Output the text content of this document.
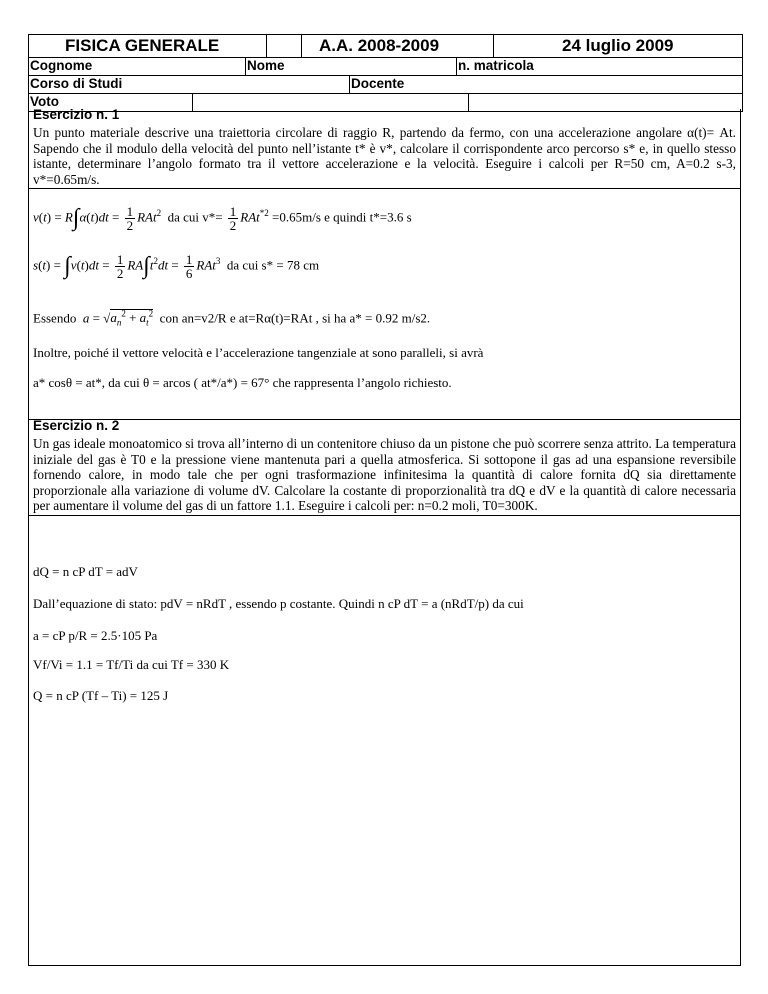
FISICA GENERALE	A.A. 2008-2009	24 luglio 2009
Cognome	Nome	n. matricola
Corso di Studi	Docente
Voto
Esercizio n. 1
Un punto materiale descrive una traiettoria circolare di raggio R, partendo da fermo, con una accelerazione angolare α(t)= At. Sapendo che il modulo della velocità del punto nell’istante t* è v*, calcolare il corrispondente arco percorso s* e, in quello stesso istante, determinare l’angolo formato tra il vettore accelerazione e la velocità. Eseguire i calcoli per R=50 cm, A=0.2 s-3, v*=0.65m/s.
$v(t) = R\int\alpha(t)dt = \frac{1}{2} RAt^2$ da cui $v*= \frac{1}{2} RAt^{*2} =0.65m/s$ e quindi t*=3.6 s
$s(t) = \int v(t)dt = \frac{1}{2} RA\int t^2dt = \frac{1}{6} RAt^3$ da cui s* = 78 cm
Essendo $a = √a_n^2 + a_t^2$ con an=v2/R e at=Rα(t)=RAt , si ha a* = 0.92 m/s2.
Inoltre, poiché il vettore velocità e l’accelerazione tangenziale at sono paralleli, si avrà
a* cosθ = at*, da cui θ = arcos ( at*/a*) = 67° che rappresenta l’angolo richiesto.
Esercizio n. 2
Un gas ideale monoatomico si trova all’interno di un contenitore chiuso da un pistone che può scorrere senza attrito. La temperatura iniziale del gas è T0 e la pressione viene mantenuta pari a quella atmosferica. Si sottopone il gas ad una espansione reversibile fornendo calore, in modo tale che per ogni trasformazione infinitesima la quantità di calore fornita dQ sia direttamente proporzionale alla variazione di volume dV. Calcolare la costante di proporzionalità tra dQ e dV e la quantità di calore necessaria per aumentare il volume del gas di un fattore 1.1. Eseguire i calcoli per: n=0.2 moli, T0=300K.
dQ = n cP dT = adV
Dall’equazione di stato: pdV = nRdT , essendo p costante. Quindi n cP dT = a (nRdT/p) da cui
a = cP p/R = 2.5·105 Pa
Vf/Vi = 1.1 = Tf/Ti da cui Tf = 330 K
Q = n cP (Tf – Ti) = 125 J
